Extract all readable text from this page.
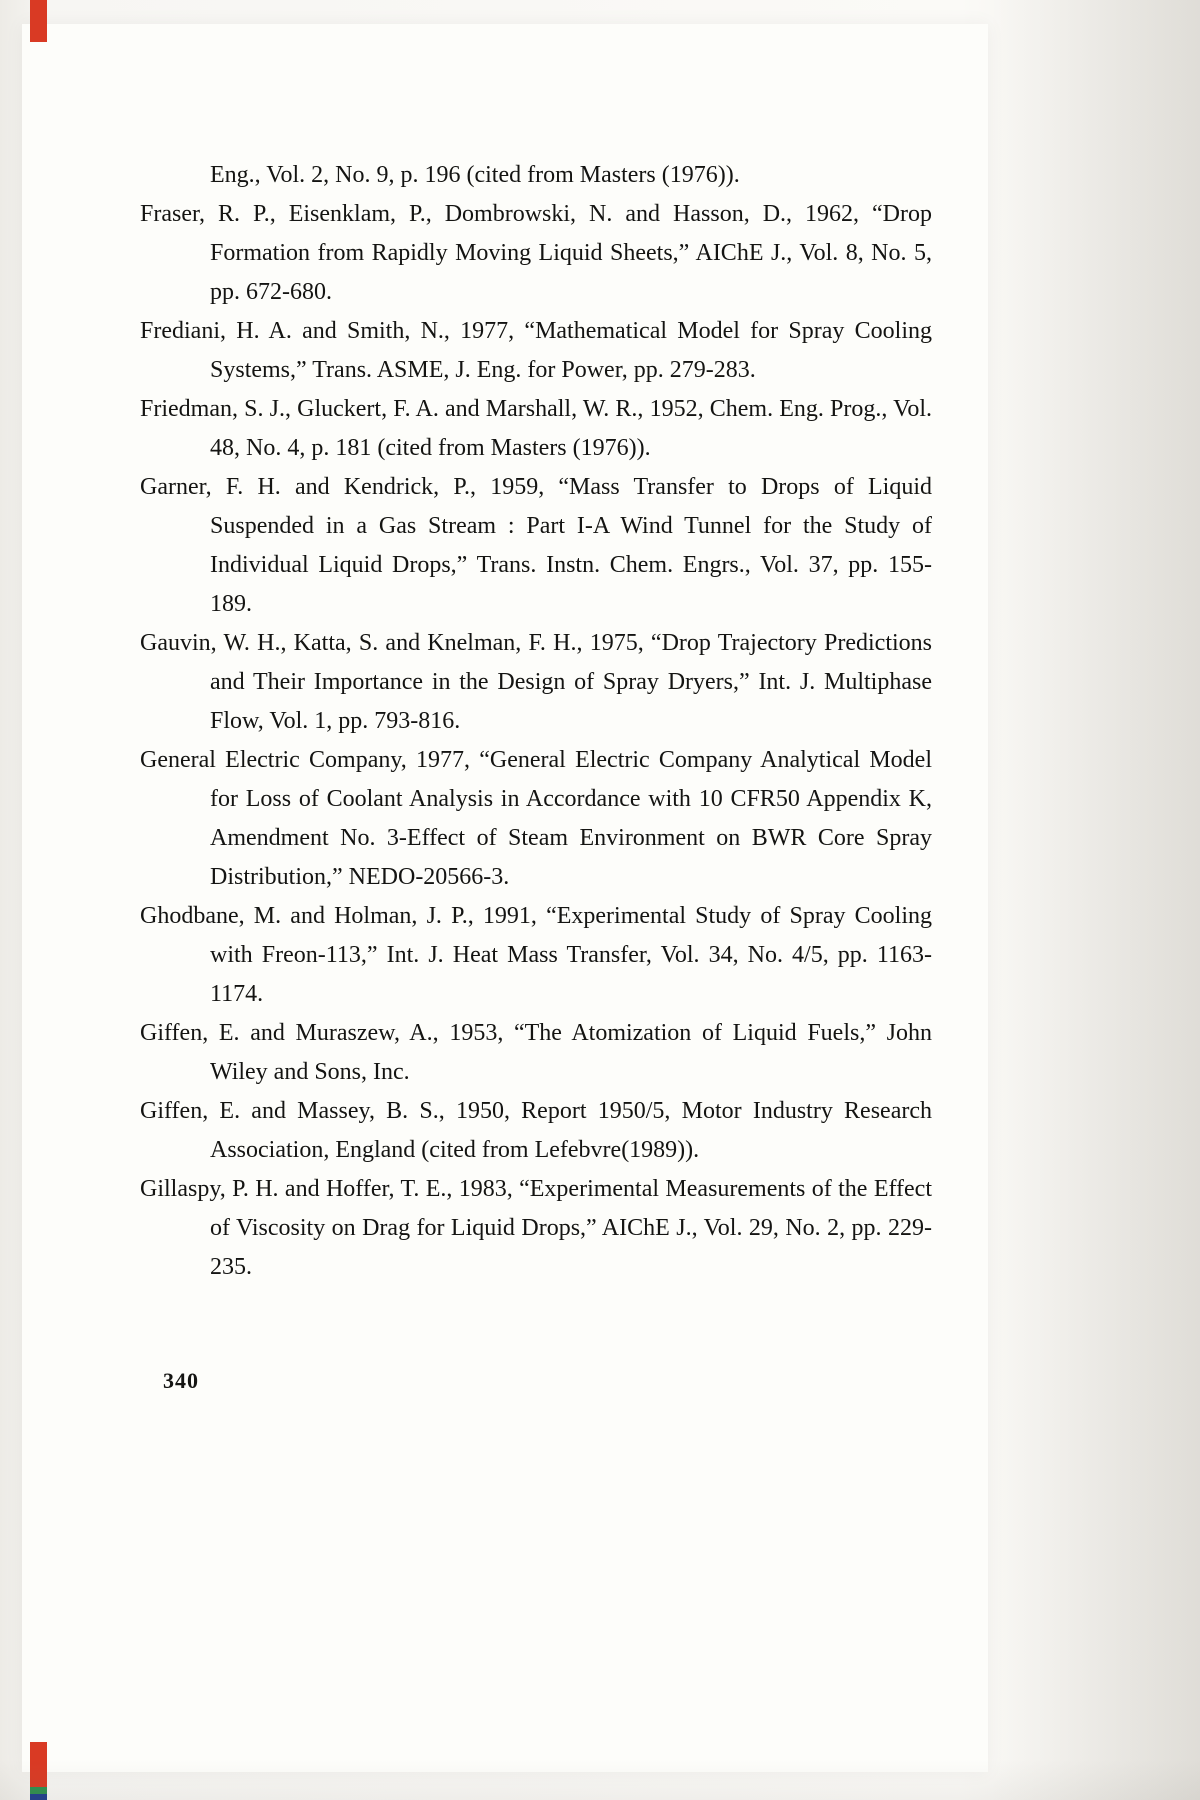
Eng., Vol. 2, No. 9, p. 196 (cited from Masters (1976)).

Fraser, R. P., Eisenklam, P., Dombrowski, N. and Hasson, D., 1962, “Drop Formation from Rapidly Moving Liquid Sheets,” AIChE J., Vol. 8, No. 5, pp. 672-680.

Frediani, H. A. and Smith, N., 1977, “Mathematical Model for Spray Cooling Systems,” Trans. ASME, J. Eng. for Power, pp. 279-283.

Friedman, S. J., Gluckert, F. A. and Marshall, W. R., 1952, Chem. Eng. Prog., Vol. 48, No. 4, p. 181 (cited from Masters (1976)).

Garner, F. H. and Kendrick, P., 1959, “Mass Transfer to Drops of Liquid Suspended in a Gas Stream : Part I-A Wind Tunnel for the Study of Individual Liquid Drops,” Trans. Instn. Chem. Engrs., Vol. 37, pp. 155-189.

Gauvin, W. H., Katta, S. and Knelman, F. H., 1975, “Drop Trajectory Predictions and Their Importance in the Design of Spray Dryers,” Int. J. Multiphase Flow, Vol. 1, pp. 793-816.

General Electric Company, 1977, “General Electric Company Analytical Model for Loss of Coolant Analysis in Accordance with 10 CFR50 Appendix K, Amendment No. 3-Effect of Steam Environment on BWR Core Spray Distribution,” NEDO-20566-3.

Ghodbane, M. and Holman, J. P., 1991, “Experimental Study of Spray Cooling with Freon-113,” Int. J. Heat Mass Transfer, Vol. 34, No. 4/5, pp. 1163-1174.

Giffen, E. and Muraszew, A., 1953, “The Atomization of Liquid Fuels,” John Wiley and Sons, Inc.

Giffen, E. and Massey, B. S., 1950, Report 1950/5, Motor Industry Research Association, England (cited from Lefebvre(1989)).

Gillaspy, P. H. and Hoffer, T. E., 1983, “Experimental Measurements of the Effect of Viscosity on Drag for Liquid Drops,” AIChE J., Vol. 29, No. 2, pp. 229-235.

340
